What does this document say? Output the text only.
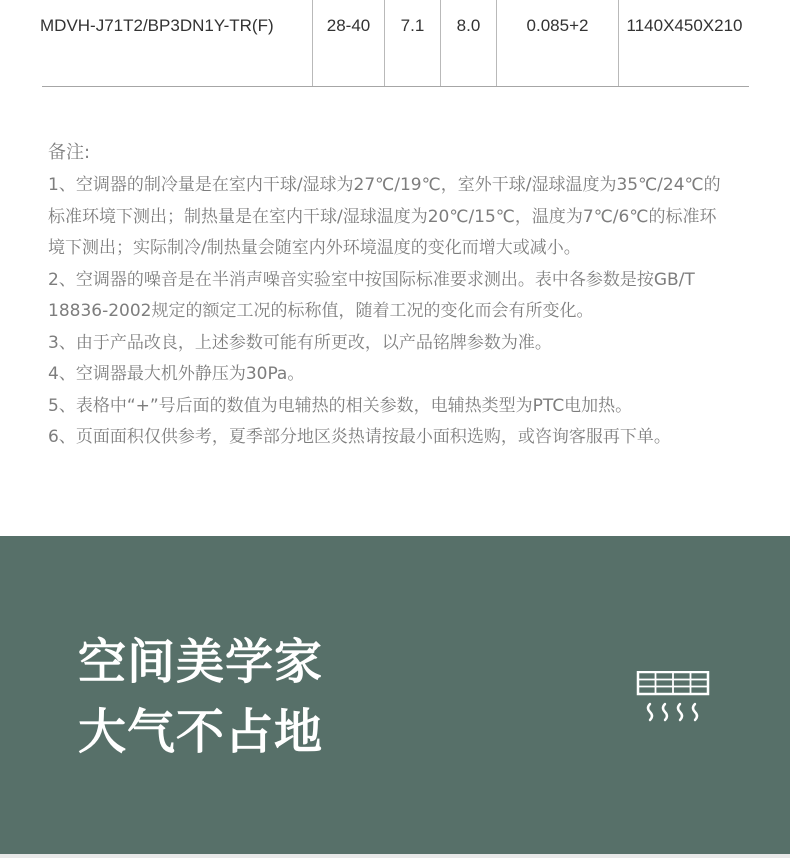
MDVH-J71T2/BP3DN1Y-TR(F)	28-40	7.1	8.0	0.085+2	1140X450X210
备注:
1、空调器的制冷量是在室内干球/湿球为27℃/19℃，室外干球/湿球温度为35℃/24℃的
标准环境下测出；制热量是在室内干球/湿球温度为20℃/15℃，温度为7℃/6℃的标准环
境下测出；实际制冷/制热量会随室内外环境温度的变化而增大或减小。
2、空调器的噪音是在半消声噪音实验室中按国际标准要求测出。表中各参数是按GB/T
18836-2002规定的额定工况的标称值，随着工况的变化而会有所变化。
3、由于产品改良，上述参数可能有所更改，以产品铭牌参数为准。
4、空调器最大机外静压为30Pa。
5、表格中“+”号后面的数值为电辅热的相关参数，电辅热类型为PTC电加热。
6、页面面积仅供参考，夏季部分地区炎热请按最小面积选购，或咨询客服再下单。
空间美学家
大气不占地
